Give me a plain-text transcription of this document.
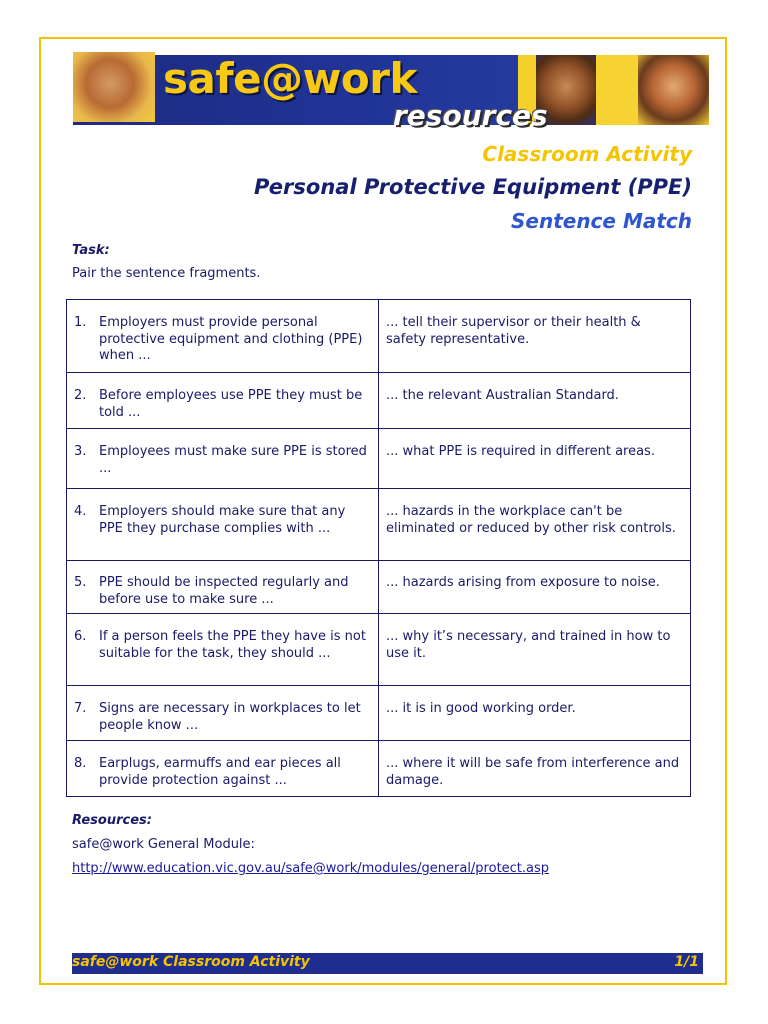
safe@work
resources
Classroom Activity
Personal Protective Equipment (PPE)
Sentence Match
Task:
Pair the sentence fragments.
1. Employers must provide personal protective equipment and clothing (PPE) when ...	... tell their supervisor or their health & safety representative.

2. Before employees use PPE they must be told ...	... the relevant Australian Standard.

3. Employees must make sure PPE is stored ...	... what PPE is required in different areas.

4. Employers should make sure that any PPE they purchase complies with ...	... hazards in the workplace can't be eliminated or reduced by other risk controls.

5. PPE should be inspected regularly and before use to make sure ...	... hazards arising from exposure to noise.

6. If a person feels the PPE they have is not suitable for the task, they should ...	... why it’s necessary, and trained in how to use it.

7. Signs are necessary in workplaces to let people know ...	... it is in good working order.

8. Earplugs, earmuffs and ear pieces all provide protection against ...	... where it will be safe from interference and damage.
Resources:
safe@work General Module:
http://www.education.vic.gov.au/safe@work/modules/general/protect.asp
safe@work Classroom Activity	1/1
